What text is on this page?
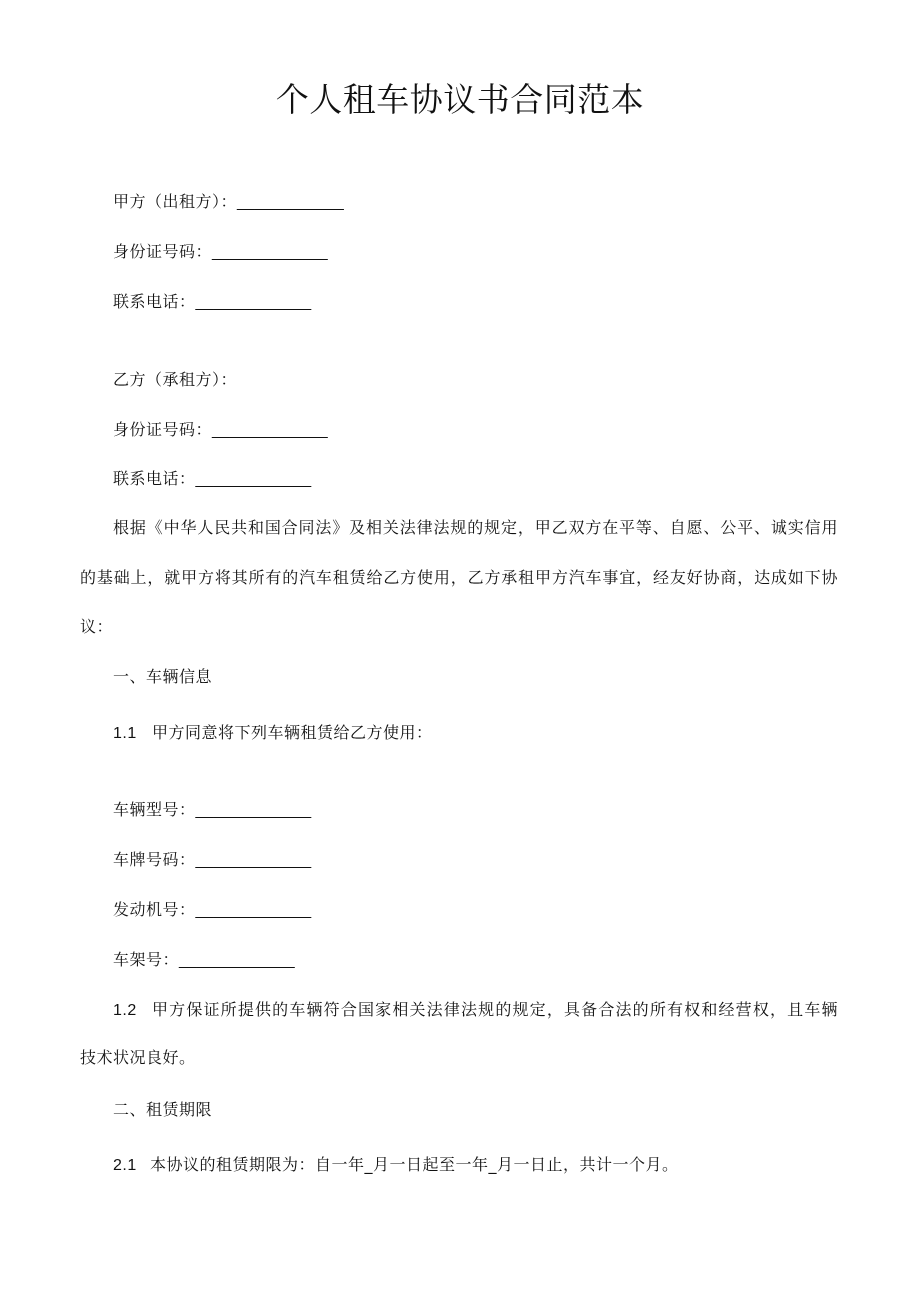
个人租车协议书合同范本
甲方（出租方）：____________
身份证号码：_____________
联系电话：_____________
乙方（承租方）：
身份证号码：_____________
联系电话：_____________
根据《中华人民共和国合同法》及相关法律法规的规定，甲乙双方在平等、自愿、公平、诚实信用
的基础上，就甲方将其所有的汽车租赁给乙方使用，乙方承租甲方汽车事宜，经友好协商，达成如下协
议：
一、车辆信息
1.1 甲方同意将下列车辆租赁给乙方使用：
车辆型号：_____________
车牌号码：_____________
发动机号：_____________
车架号：_____________
1.2 甲方保证所提供的车辆符合国家相关法律法规的规定，具备合法的所有权和经营权，且车辆
技术状况良好。
二、租赁期限
2.1 本协议的租赁期限为：自一年_月一日起至一年_月一日止，共计一个月。
